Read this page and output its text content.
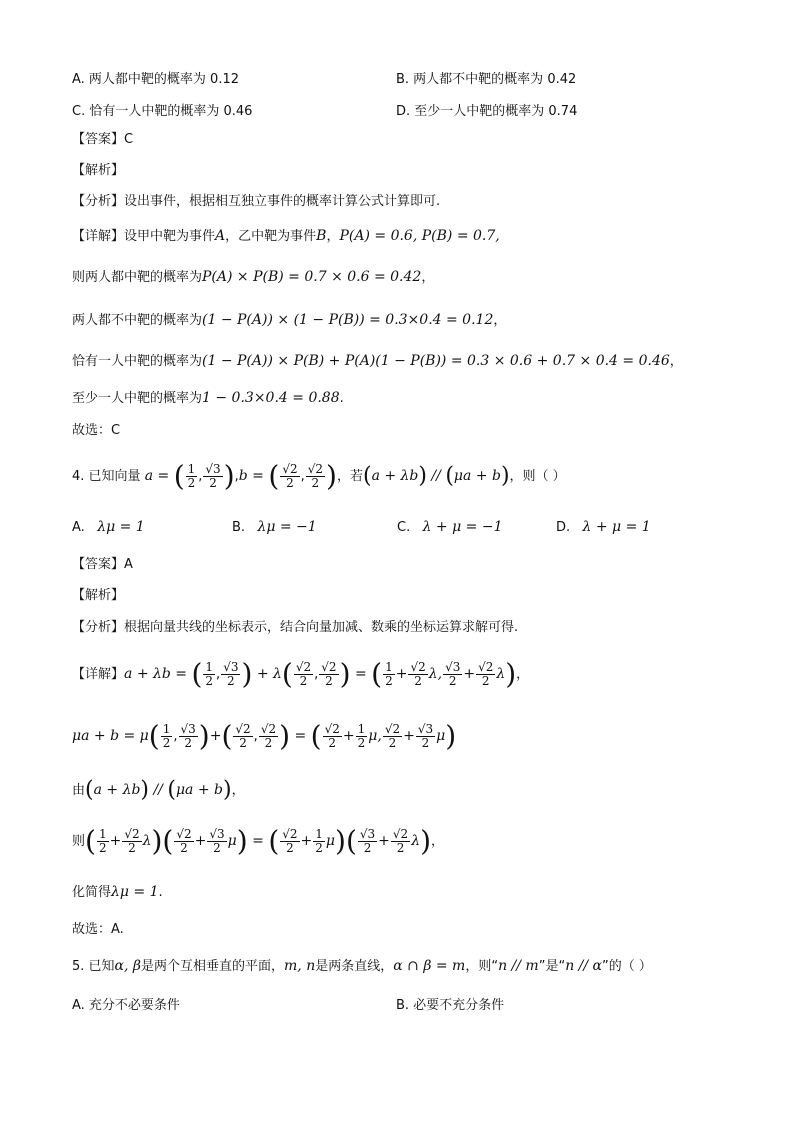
A. 两人都中靶的概率为 0.12	B. 两人都不中靶的概率为 0.42
C. 恰有一人中靶的概率为 0.46	D. 至少一人中靶的概率为 0.74
【答案】C
【解析】
【分析】设出事件，根据相互独立事件的概率计算公式计算即可.
【详解】设甲中靶为事件A，乙中靶为事件B，P(A) = 0.6, P(B) = 0.7,
则两人都中靶的概率为P(A) × P(B) = 0.7 × 0.6 = 0.42，
两人都不中靶的概率为(1 − P(A)) × (1 − P(B)) = 0.3×0.4 = 0.12，
恰有一人中靶的概率为(1 − P(A)) × P(B) + P(A)(1 − P(B)) = 0.3 × 0.6 + 0.7 × 0.4 = 0.46，
至少一人中靶的概率为1 − 0.3×0.4 = 0.88.
故选：C
4. 已知向量 a = ( $\frac{1}{2}$ , $\frac{√3}{2} ),b$ = ( $\frac{√2}{2}$ , $\frac{√2}{2}$ )，若(a + λb) // (μa + b)，则（ ）
A.   λμ = 1	B.   λμ = −1	C.   λ + μ = −1	D.   λ + μ = 1
【答案】A
【解析】
【分析】根据向量共线的坐标表示，结合向量加减、数乘的坐标运算求解可得.
【详解】a + λb = ( $\frac{1}{2}$ , $\frac{√3}{2}$ ) + $\lambda( \frac{√2}{2}$ , $\frac{√2}{2}$ ) = ( $\frac{1}{2} + \frac{√2}{2} \lambda$, $\frac{√3}{2} + \frac{√2}{2} \lambda$)，
$\mu a + b = \mu( \frac{1}{2}$ , $\frac{√3}{2}$ )+( $\frac{√2}{2}$ , $\frac{√2}{2}$ ) = ( $\frac{√2}{2} + \frac{1}{2} \mu$, $\frac{√2}{2} + \frac{√3}{2} \mu$)
由(a + λb) // (μa + b)，
则( $\frac{1}{2} + \frac{√2}{2} \lambda)( \frac{√2}{2} + \frac{√3}{2} \mu)$ = ( $\frac{√2}{2} + \frac{1}{2} \mu)( \frac{√3}{2} + \frac{√2}{2} \lambda)$，
化简得λμ = 1.
故选：A.
5. 已知α, β是两个互相垂直的平面，m, n是两条直线，α ∩ β = m，则“n // m”是“n // α”的（ ）
A. 充分不必要条件	B. 必要不充分条件
